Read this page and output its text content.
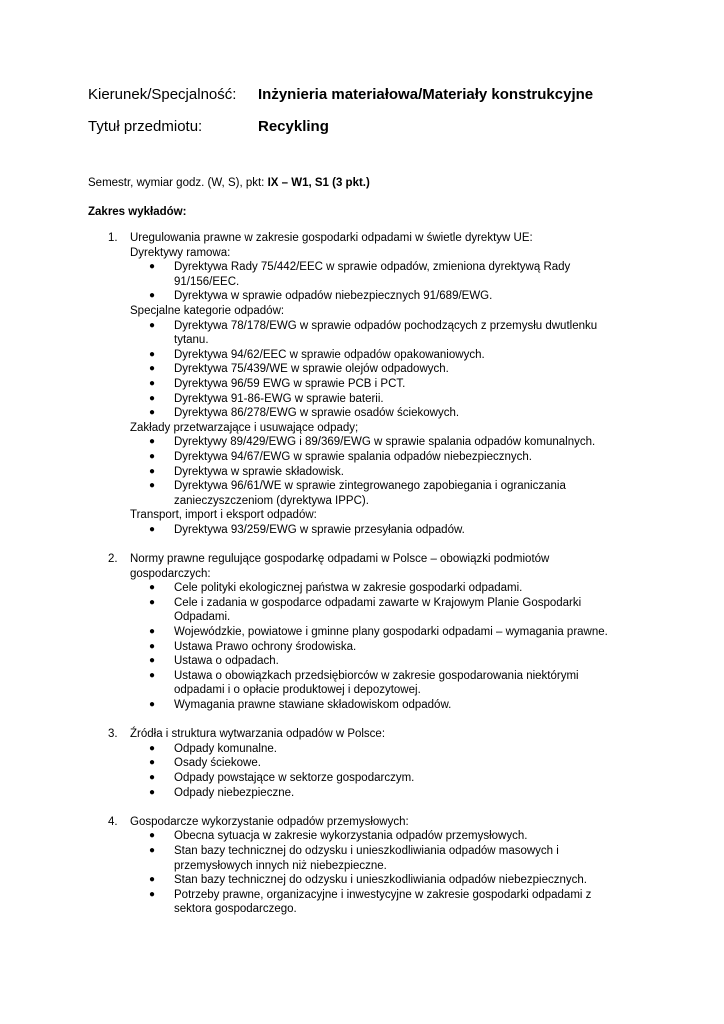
Kierunek/Specjalność: Inżynieria materiałowa/Materiały konstrukcyjne
Tytuł przedmiotu:	Recykling
Semestr, wymiar godz. (W, S), pkt: IX – W1, S1 (3 pkt.)
Zakres wykładów:
1. Uregulowania prawne w zakresie gospodarki odpadami w świetle dyrektyw UE:
Dyrektywy ramowa:
● Dyrektywa Rady 75/442/EEC w sprawie odpadów, zmieniona dyrektywą Rady
91/156/EEC.
● Dyrektywa w sprawie odpadów niebezpiecznych 91/689/EWG.
Specjalne kategorie odpadów:
● Dyrektywa 78/178/EWG w sprawie odpadów pochodzących z przemysłu dwutlenku
tytanu.
● Dyrektywa 94/62/EEC w sprawie odpadów opakowaniowych.
● Dyrektywa 75/439/WE w sprawie olejów odpadowych.
● Dyrektywa 96/59 EWG w sprawie PCB i PCT.
● Dyrektywa 91-86-EWG w sprawie baterii.
● Dyrektywa 86/278/EWG w sprawie osadów ściekowych.
Zakłady przetwarzające i usuwające odpady;
● Dyrektywy 89/429/EWG i 89/369/EWG w sprawie spalania odpadów komunalnych.
● Dyrektywa 94/67/EWG w sprawie spalania odpadów niebezpiecznych.
● Dyrektywa w sprawie składowisk.
● Dyrektywa 96/61/WE w sprawie zintegrowanego zapobiegania i ograniczania
zanieczyszczeniom (dyrektywa IPPC).
Transport, import i eksport odpadów:
● Dyrektywa 93/259/EWG w sprawie przesyłania odpadów.
2. Normy prawne regulujące gospodarkę odpadami w Polsce – obowiązki podmiotów
gospodarczych:
● Cele polityki ekologicznej państwa w zakresie gospodarki odpadami.
● Cele i zadania w gospodarce odpadami zawarte w Krajowym Planie Gospodarki
Odpadami.
● Wojewódzkie, powiatowe i gminne plany gospodarki odpadami – wymagania prawne.
● Ustawa Prawo ochrony środowiska.
● Ustawa o odpadach.
● Ustawa o obowiązkach przedsiębiorców w zakresie gospodarowania niektórymi
odpadami i o opłacie produktowej i depozytowej.
● Wymagania prawne stawiane składowiskom odpadów.
3. Źródła i struktura wytwarzania odpadów w Polsce:
● Odpady komunalne.
● Osady ściekowe.
● Odpady powstające w sektorze gospodarczym.
● Odpady niebezpieczne.
4. Gospodarcze wykorzystanie odpadów przemysłowych:
● Obecna sytuacja w zakresie wykorzystania odpadów przemysłowych.
● Stan bazy technicznej do odzysku i unieszkodliwiania odpadów masowych i
przemysłowych innych niż niebezpieczne.
● Stan bazy technicznej do odzysku i unieszkodliwiania odpadów niebezpiecznych.
● Potrzeby prawne, organizacyjne i inwestycyjne w zakresie gospodarki odpadami z
sektora gospodarczego.
